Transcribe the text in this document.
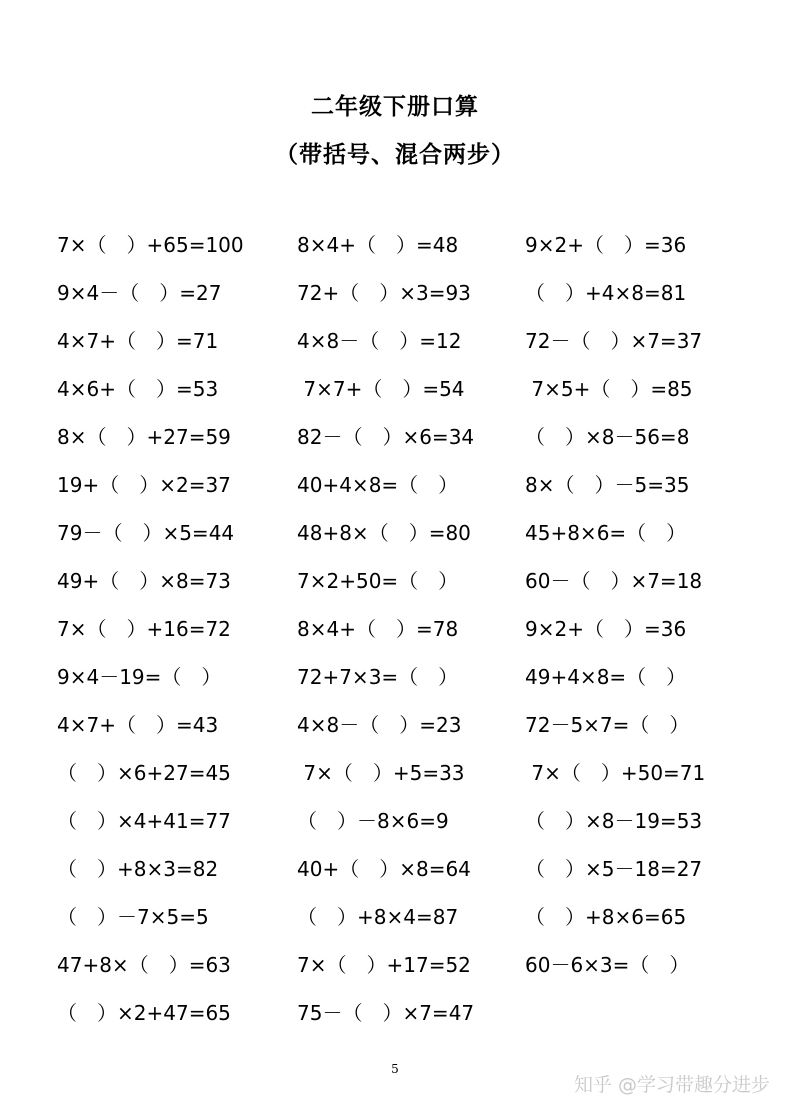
二年级下册口算
（带括号、混合两步）
7×（　）+65=100	8×4+（　）=48	9×2+（　）=36
9×4－（　）=27	72+（　）×3=93	（　）+4×8=81
4×7+（　）=71	4×8－（　）=12	72－（　）×7=37
4×6+（　）=53	7×7+（　）=54	7×5+（　）=85
8×（　）+27=59	82－（　）×6=34	（　）×8－56=8
19+（　）×2=37	40+4×8=（　）	8×（　）－5=35
79－（　）×5=44	48+8×（　）=80	45+8×6=（　）
49+（　）×8=73	7×2+50=（　）	60－（　）×7=18
7×（　）+16=72	8×4+（　）=78	9×2+（　）=36
9×4－19=（　）	72+7×3=（　）	49+4×8=（　）
4×7+（　）=43	4×8－（　）=23	72－5×7=（　）
（　）×6+27=45	7×（　）+5=33	7×（　）+50=71
（　）×4+41=77	（　）－8×6=9	（　）×8－19=53
（　）+8×3=82	40+（　）×8=64	（　）×5－18=27
（　）－7×5=5	（　）+8×4=87	（　）+8×6=65
47+8×（　）=63	7×（　）+17=52	60－6×3=（　）
（　）×2+47=65	75－（　）×7=47
5
知乎 @学习带趣分进步
